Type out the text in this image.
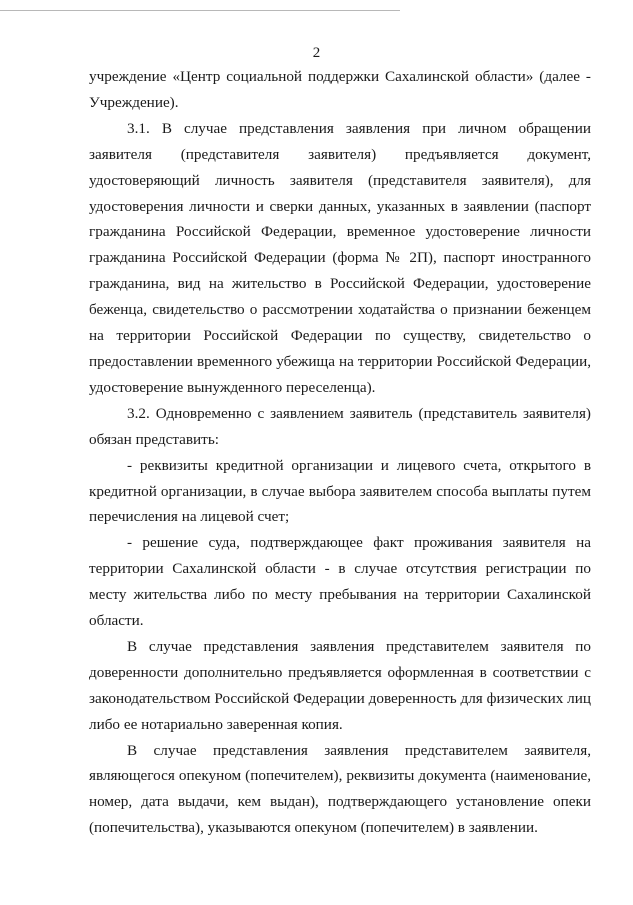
2

учреждение «Центр социальной поддержки Сахалинской области» (далее - Учреждение).

3.1. В случае представления заявления при личном обращении заявителя (представителя заявителя) предъявляется документ, удостоверяющий личность заявителя (представителя заявителя), для удостоверения личности и сверки данных, указанных в заявлении (паспорт гражданина Российской Федерации, временное удостоверение личности гражданина Российской Федерации (форма № 2П), паспорт иностранного гражданина, вид на жительство в Российской Федерации, удостоверение беженца, свидетельство о рассмотрении ходатайства о признании беженцем на территории Российской Федерации по существу, свидетельство о предоставлении временного убежища на территории Российской Федерации, удостоверение вынужденного переселенца).

3.2. Одновременно с заявлением заявитель (представитель заявителя) обязан представить:

- реквизиты кредитной организации и лицевого счета, открытого в кредитной организации, в случае выбора заявителем способа выплаты путем перечисления на лицевой счет;

- решение суда, подтверждающее факт проживания заявителя на территории Сахалинской области - в случае отсутствия регистрации по месту жительства либо по месту пребывания на территории Сахалинской области.

В случае представления заявления представителем заявителя по доверенности дополнительно предъявляется оформленная в соответствии с законодательством Российской Федерации доверенность для физических лиц либо ее нотариально заверенная копия.

В случае представления заявления представителем заявителя, являющегося опекуном (попечителем), реквизиты документа (наименование, номер, дата выдачи, кем выдан), подтверждающего установление опеки (попечительства), указываются опекуном (попечителем) в заявлении.
